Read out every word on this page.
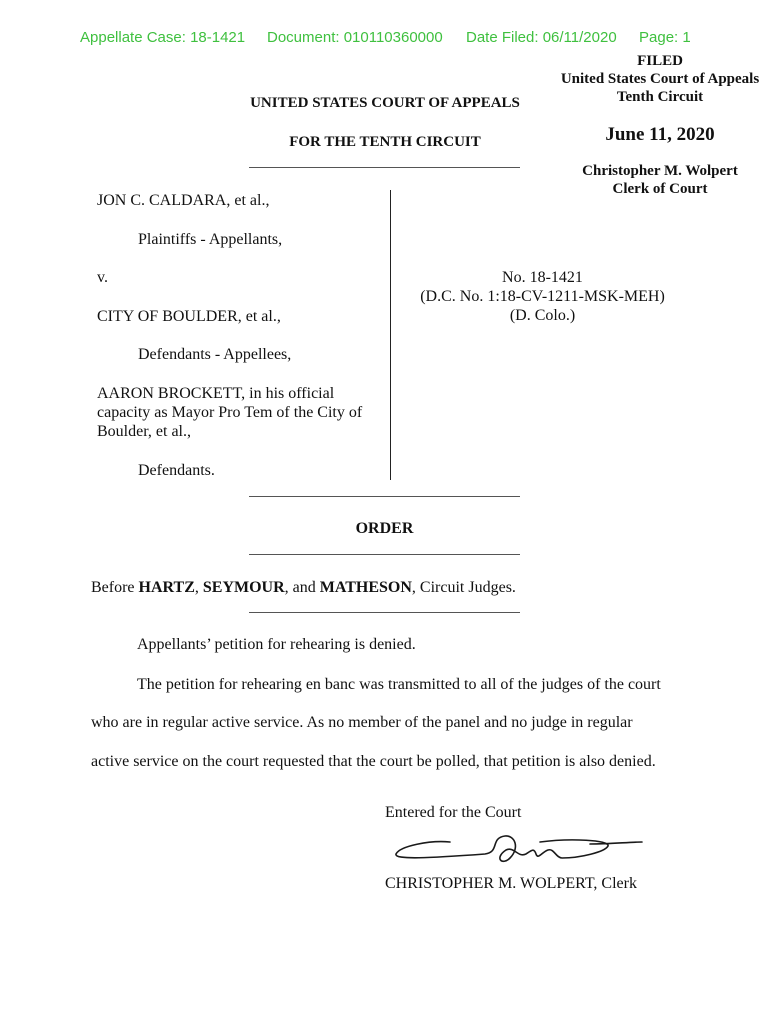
Appellate Case: 18-1421 Document: 010110360000 Date Filed: 06/11/2020 Page: 1
FILED
United States Court of Appeals
Tenth Circuit
June 11, 2020
Christopher M. Wolpert
Clerk of Court
UNITED STATES COURT OF APPEALS
FOR THE TENTH CIRCUIT
JON C. CALDARA, et al.,
Plaintiffs - Appellants,
v.
CITY OF BOULDER, et al.,
Defendants - Appellees,
AARON BROCKETT, in his official
capacity as Mayor Pro Tem of the City of
Boulder, et al.,
Defendants.
No. 18-1421
(D.C. No. 1:18-CV-1211-MSK-MEH)
(D. Colo.)
ORDER
Before HARTZ, SEYMOUR, and MATHESON, Circuit Judges.
Appellants’ petition for rehearing is denied.
The petition for rehearing en banc was transmitted to all of the judges of the court
who are in regular active service. As no member of the panel and no judge in regular
active service on the court requested that the court be polled, that petition is also denied.
Entered for the Court
CHRISTOPHER M. WOLPERT, Clerk
